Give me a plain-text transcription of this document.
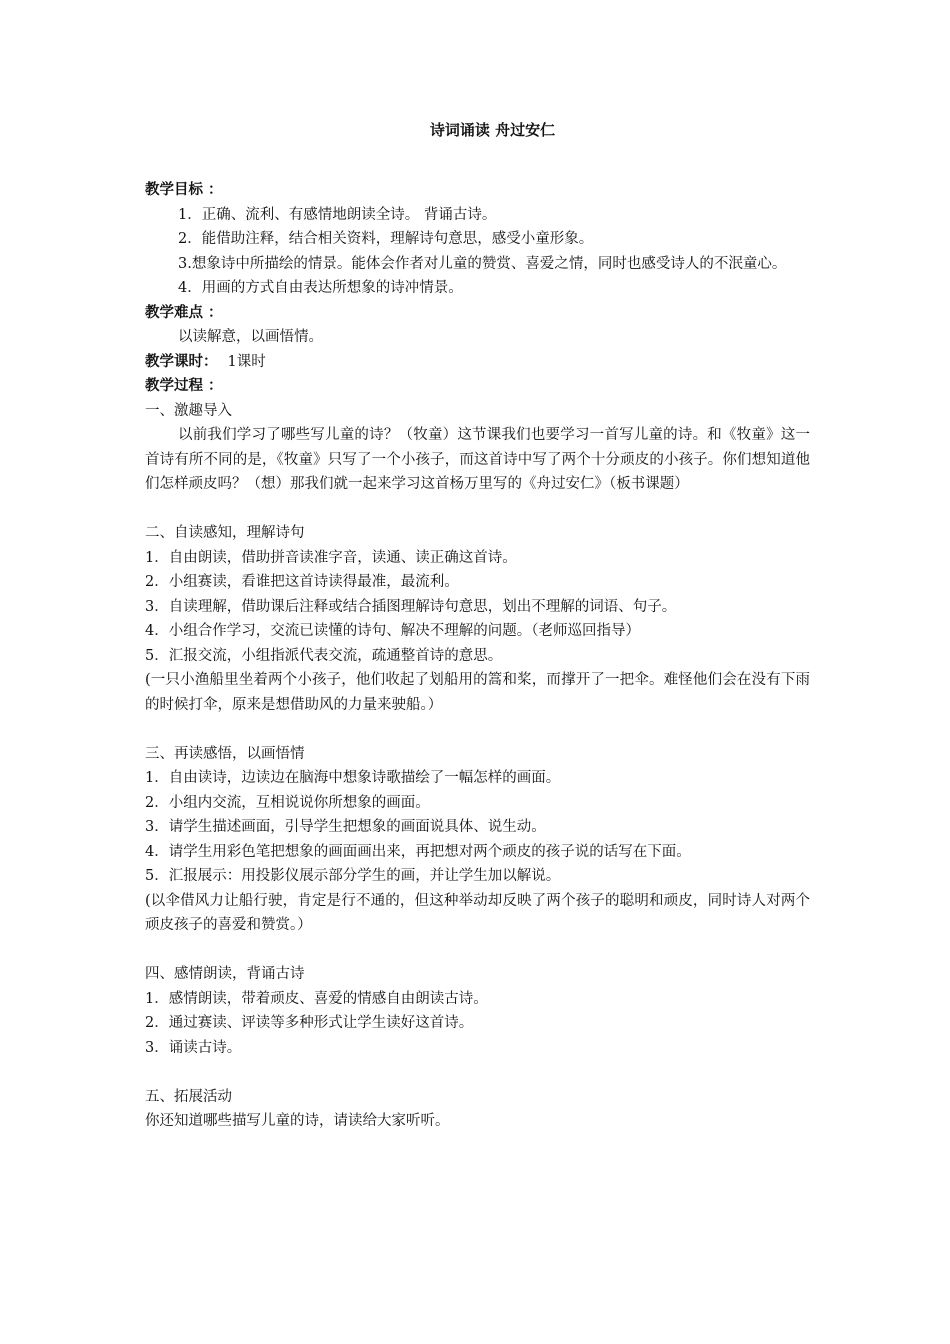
诗词诵读 舟过安仁
教学目标 ：
1．正确、流利、有感情地朗读全诗。 背诵古诗。
2．能借助注释，结合相关资料，理解诗句意思，感受小童形象。
3.想象诗中所描绘的情景。能体会作者对儿童的赞赏、喜爱之情，同时也感受诗人的不泯童心。
4．用画的方式自由表达所想象的诗冲情景。
教学难点 ：
以读解意，以画悟情。
教学课时： 1课时
教学过程 ：
一、激趣导入
以前我们学习了哪些写儿童的诗？（牧童）这节课我们也要学习一首写儿童的诗。和《牧童》这一首诗有所不同的是，《牧童》只写了一个小孩子，而这首诗中写了两个十分顽皮的小孩子。你们想知道他们怎样顽皮吗？（想）那我们就一起来学习这首杨万里写的《舟过安仁》（板书课题）
二、自读感知，理解诗句
1．自由朗读，借助拼音读准字音，读通、读正确这首诗。
2．小组赛读，看谁把这首诗读得最准，最流利。
3．自读理解，借助课后注释或结合插图理解诗句意思，划出不理解的词语、句子。
4．小组合作学习，交流已读懂的诗句、解决不理解的问题。（老师巡回指导）
5．汇报交流，小组指派代表交流，疏通整首诗的意思。
(一只小渔船里坐着两个小孩子，他们收起了划船用的篙和桨，而撑开了一把伞。难怪他们会在没有下雨的时候打伞，原来是想借助风的力量来驶船。）
三、再读感悟，以画悟情
1．自由读诗，边读边在脑海中想象诗歌描绘了一幅怎样的画面。
2．小组内交流，互相说说你所想象的画面。
3．请学生描述画面，引导学生把想象的画面说具体、说生动。
4．请学生用彩色笔把想象的画面画出来，再把想对两个顽皮的孩子说的话写在下面。
5．汇报展示：用投影仪展示部分学生的画，并让学生加以解说。
(以伞借风力让船行驶，肯定是行不通的，但这种举动却反映了两个孩子的聪明和顽皮，同时诗人对两个顽皮孩子的喜爱和赞赏。）
四、感情朗读，背诵古诗
1．感情朗读，带着顽皮、喜爱的情感自由朗读古诗。
2．通过赛读、评读等多种形式让学生读好这首诗。
3．诵读古诗。
五、拓展活动
你还知道哪些描写儿童的诗，请读给大家听听。
